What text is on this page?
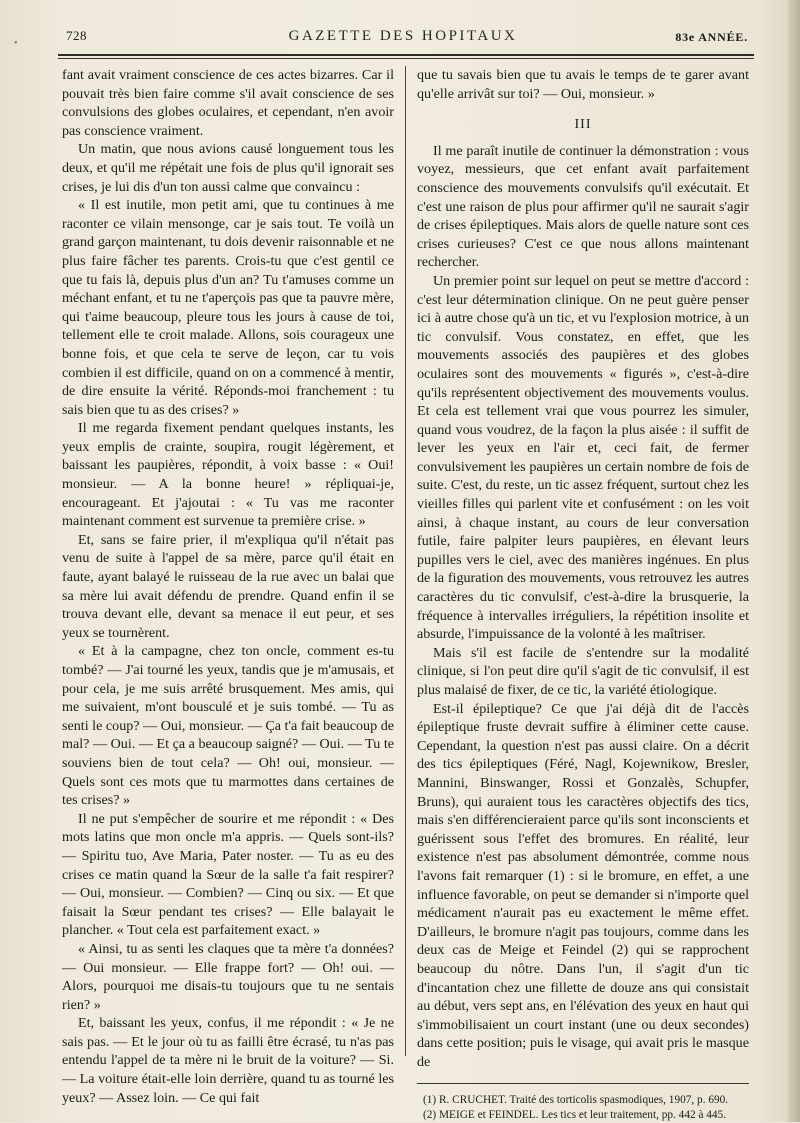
•
728	GAZETTE DES HOPITAUX	83e ANNÉE.

fant avait vraiment conscience de ces actes bizarres. Car il pouvait très bien faire comme s'il avait conscience de ses convulsions des globes oculaires, et cependant, n'en avoir pas conscience vraiment.

Un matin, que nous avions causé longuement tous les deux, et qu'il me répétait une fois de plus qu'il ignorait ses crises, je lui dis d'un ton aussi calme que convaincu :

« Il est inutile, mon petit ami, que tu continues à me raconter ce vilain mensonge, car je sais tout. Te voilà un grand garçon maintenant, tu dois devenir raisonnable et ne plus faire fâcher tes parents. Crois-tu que c'est gentil ce que tu fais là, depuis plus d'un an? Tu t'amuses comme un méchant enfant, et tu ne t'aperçois pas que ta pauvre mère, qui t'aime beaucoup, pleure tous les jours à cause de toi, tellement elle te croit malade. Allons, sois courageux une bonne fois, et que cela te serve de leçon, car tu vois combien il est difficile, quand on on a commencé à mentir, de dire ensuite la vérité. Réponds-moi franchement : tu sais bien que tu as des crises? »

Il me regarda fixement pendant quelques instants, les yeux emplis de crainte, soupira, rougit légèrement, et baissant les paupières, répondit, à voix basse : « Oui! monsieur. — A la bonne heure! » répliquai-je, encourageant. Et j'ajoutai : « Tu vas me raconter maintenant comment est survenue ta première crise. »

Et, sans se faire prier, il m'expliqua qu'il n'était pas venu de suite à l'appel de sa mère, parce qu'il était en faute, ayant balayé le ruisseau de la rue avec un balai que sa mère lui avait défendu de prendre. Quand enfin il se trouva devant elle, devant sa menace il eut peur, et ses yeux se tournèrent.

« Et à la campagne, chez ton oncle, comment es-tu tombé? — J'ai tourné les yeux, tandis que je m'amusais, et pour cela, je me suis arrêté brusquement. Mes amis, qui me suivaient, m'ont bousculé et je suis tombé. — Tu as senti le coup? — Oui, monsieur. — Ça t'a fait beaucoup de mal? — Oui. — Et ça a beaucoup saigné? — Oui. — Tu te souviens bien de tout cela? — Oh! oui, monsieur. — Quels sont ces mots que tu marmottes dans certaines de tes crises? »

Il ne put s'empêcher de sourire et me répondit : « Des mots latins que mon oncle m'a appris. — Quels sont-ils? — Spiritu tuo, Ave Maria, Pater noster. — Tu as eu des crises ce matin quand la Sœur de la salle t'a fait respirer? — Oui, monsieur. — Combien? — Cinq ou six. — Et que faisait la Sœur pendant tes crises? — Elle balayait le plancher. « Tout cela est parfaitement exact. »

« Ainsi, tu as senti les claques que ta mère t'a données? — Oui monsieur. — Elle frappe fort? — Oh! oui. — Alors, pourquoi me disais-tu toujours que tu ne sentais rien? »

Et, baissant les yeux, confus, il me répondit : « Je ne sais pas. — Et le jour où tu as failli être écrasé, tu n'as pas entendu l'appel de ta mère ni le bruit de la voiture? — Si. — La voiture était-elle loin derrière, quand tu as tourné les yeux? — Assez loin. — Ce qui fait

que tu savais bien que tu avais le temps de te garer avant qu'elle arrivât sur toi? — Oui, monsieur. »

III

Il me paraît inutile de continuer la démonstration : vous voyez, messieurs, que cet enfant avait parfaitement conscience des mouvements convulsifs qu'il exécutait. Et c'est une raison de plus pour affirmer qu'il ne saurait s'agir de crises épileptiques. Mais alors de quelle nature sont ces crises curieuses? C'est ce que nous allons maintenant rechercher.

Un premier point sur lequel on peut se mettre d'accord : c'est leur détermination clinique. On ne peut guère penser ici à autre chose qu'à un tic, et vu l'explosion motrice, à un tic convulsif. Vous constatez, en effet, que les mouvements associés des paupières et des globes oculaires sont des mouvements « figurés », c'est-à-dire qu'ils représentent objectivement des mouvements voulus. Et cela est tellement vrai que vous pourrez les simuler, quand vous voudrez, de la façon la plus aisée : il suffit de lever les yeux en l'air et, ceci fait, de fermer convulsivement les paupières un certain nombre de fois de suite. C'est, du reste, un tic assez fréquent, surtout chez les vieilles filles qui parlent vite et confusément : on les voit ainsi, à chaque instant, au cours de leur conversation futile, faire palpiter leurs paupières, en élevant leurs pupilles vers le ciel, avec des manières ingénues. En plus de la figuration des mouvements, vous retrouvez les autres caractères du tic convulsif, c'est-à-dire la brusquerie, la fréquence à intervalles irréguliers, la répétition insolite et absurde, l'impuissance de la volonté à les maîtriser.

Mais s'il est facile de s'entendre sur la modalité clinique, si l'on peut dire qu'il s'agit de tic convulsif, il est plus malaisé de fixer, de ce tic, la variété étiologique.

Est-il épileptique? Ce que j'ai déjà dit de l'accès épileptique fruste devrait suffire à éliminer cette cause. Cependant, la question n'est pas aussi claire. On a décrit des tics épileptiques (Féré, Nagl, Kojewnikow, Bresler, Mannini, Binswanger, Rossi et Gonzalès, Schupfer, Bruns), qui auraient tous les caractères objectifs des tics, mais s'en différencieraient parce qu'ils sont inconscients et guérissent sous l'effet des bromures. En réalité, leur existence n'est pas absolument démontrée, comme nous l'avons fait remarquer (1) : si le bromure, en effet, a une influence favorable, on peut se demander si n'importe quel médicament n'aurait pas eu exactement le même effet. D'ailleurs, le bromure n'agit pas toujours, comme dans les deux cas de Meige et Feindel (2) qui se rapprochent beaucoup du nôtre. Dans l'un, il s'agit d'un tic d'incantation chez une fillette de douze ans qui consistait au début, vers sept ans, en l'élévation des yeux en haut qui s'immobilisaient un court instant (une ou deux secondes) dans cette position; puis le visage, qui avait pris le masque de

(1) R. CRUCHET. Traité des torticolis spasmodiques, 1907, p. 690.
(2) MEIGE et FEINDEL. Les tics et leur traitement, pp. 442 à 445.
